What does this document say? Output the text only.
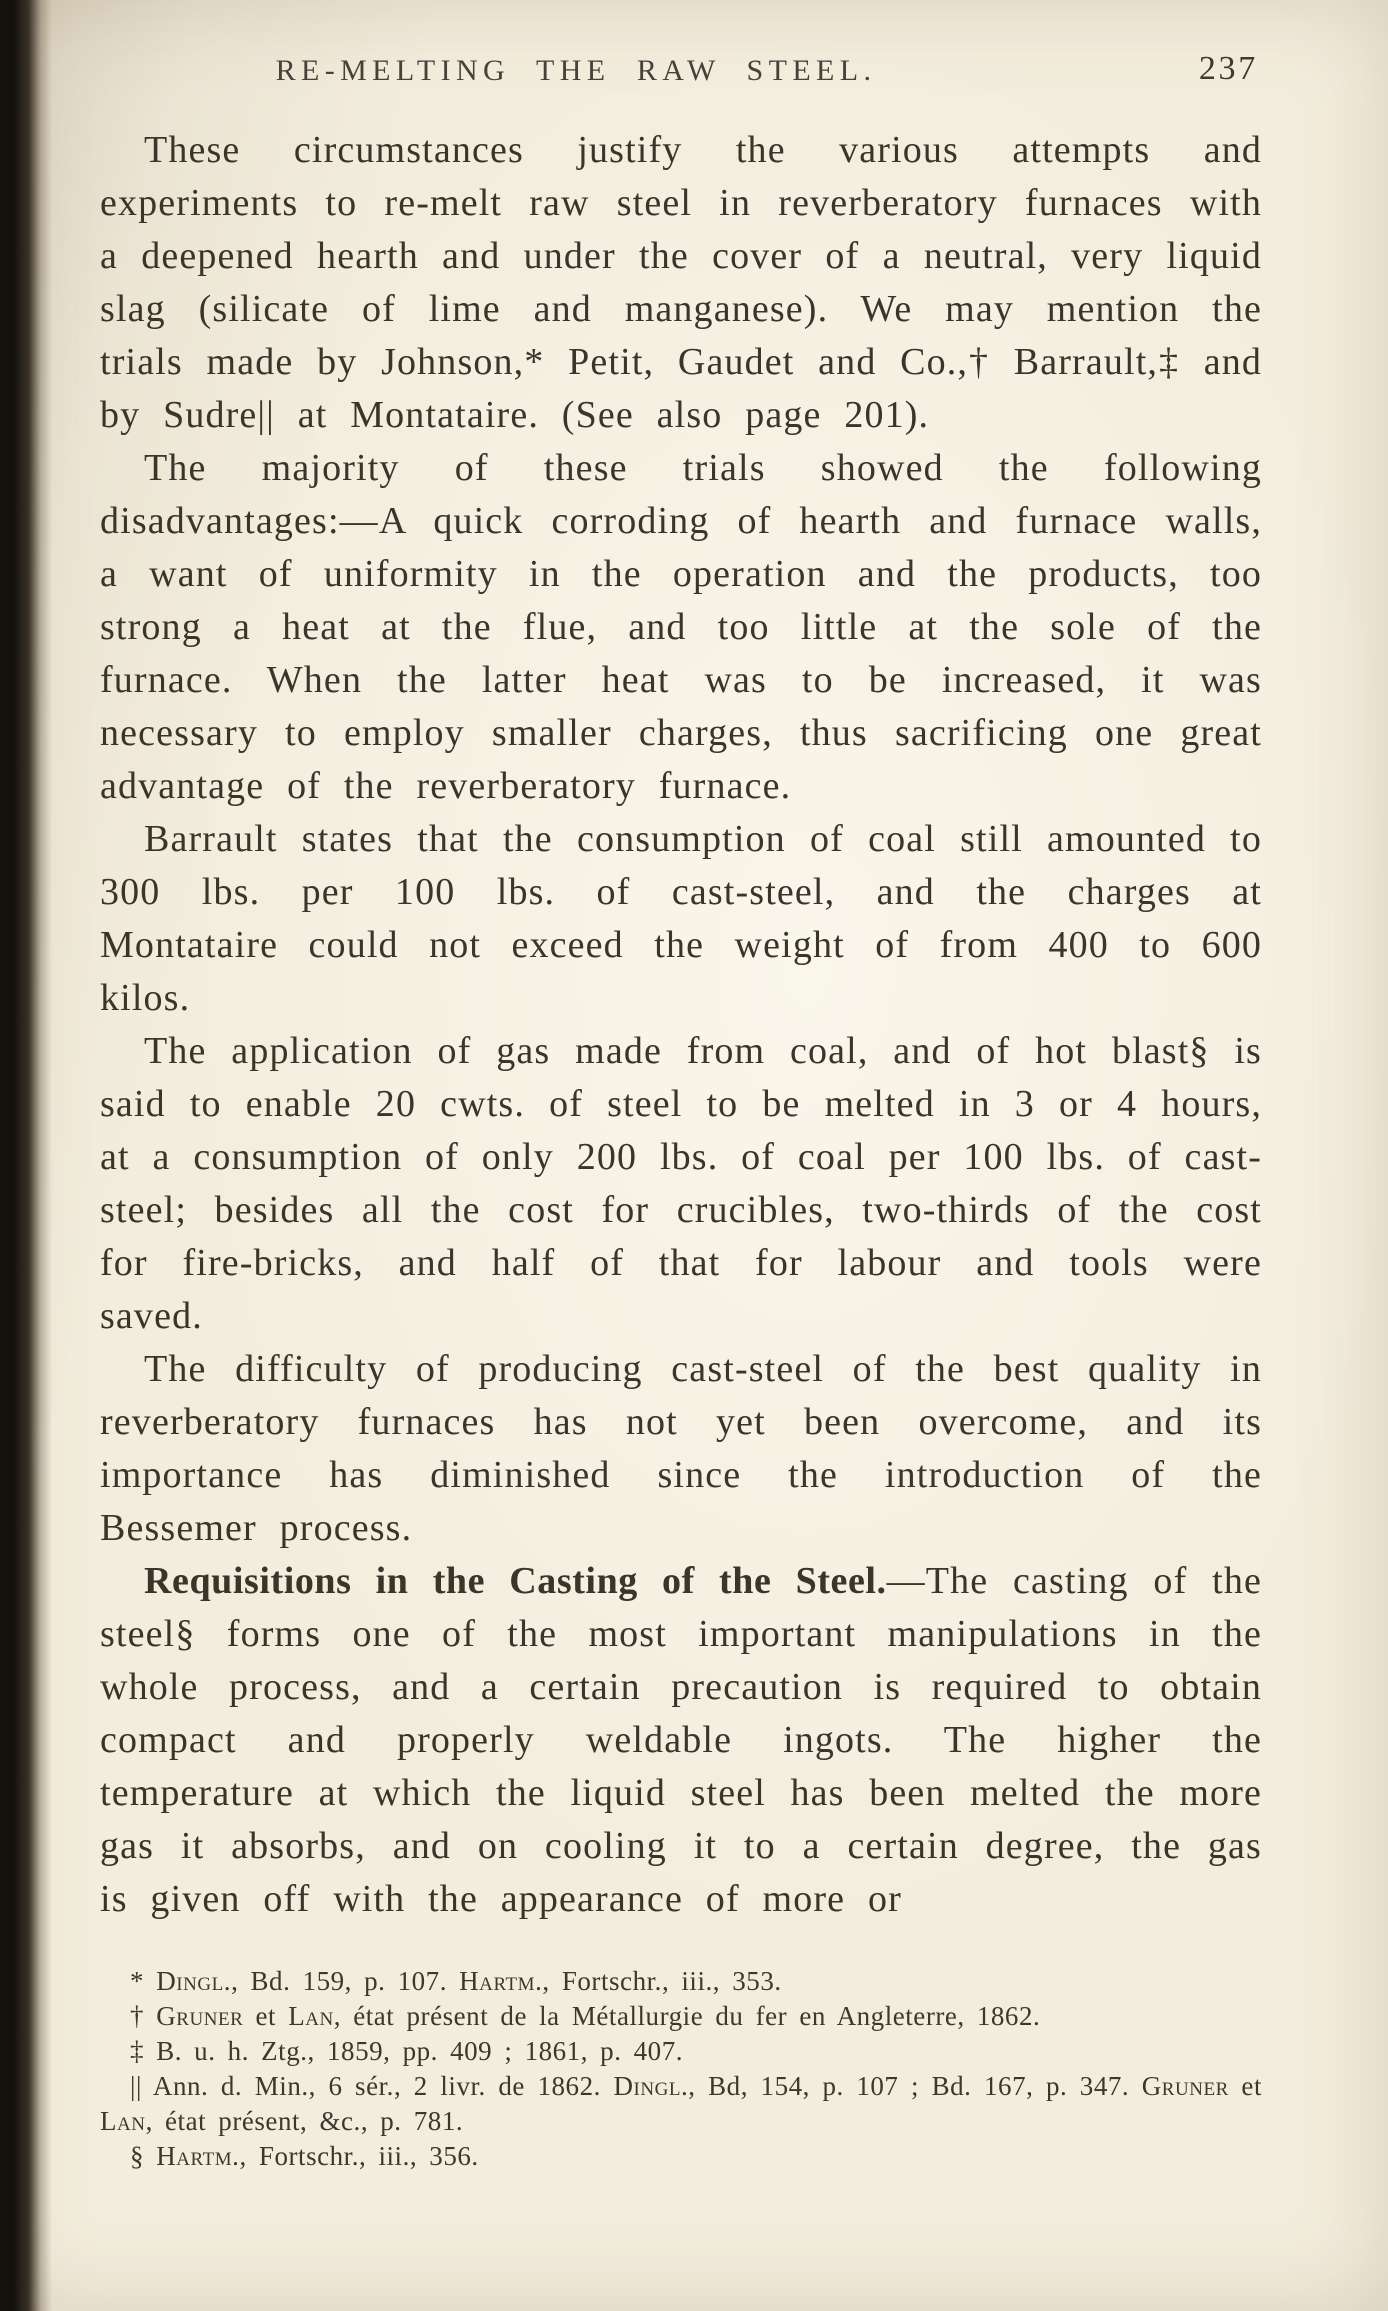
RE-MELTING THE RAW STEEL.	237

These circumstances justify the various attempts and experiments to re-melt raw steel in reverberatory furnaces with a deepened hearth and under the cover of a neutral, very liquid slag (silicate of lime and manganese). We may mention the trials made by Johnson,* Petit, Gaudet and Co.,† Barrault,‡ and by Sudre|| at Montataire. (See also page 201).

The majority of these trials showed the following disadvantages:—A quick corroding of hearth and furnace walls, a want of uniformity in the operation and the products, too strong a heat at the flue, and too little at the sole of the furnace. When the latter heat was to be increased, it was necessary to employ smaller charges, thus sacrificing one great advantage of the reverberatory furnace.

Barrault states that the consumption of coal still amounted to 300 lbs. per 100 lbs. of cast-steel, and the charges at Montataire could not exceed the weight of from 400 to 600 kilos.

The application of gas made from coal, and of hot blast§ is said to enable 20 cwts. of steel to be melted in 3 or 4 hours, at a consumption of only 200 lbs. of coal per 100 lbs. of cast-steel; besides all the cost for crucibles, two-thirds of the cost for fire-bricks, and half of that for labour and tools were saved.

The difficulty of producing cast-steel of the best quality in reverberatory furnaces has not yet been overcome, and its importance has diminished since the introduction of the Bessemer process.

Requisitions in the Casting of the Steel.—The casting of the steel§ forms one of the most important manipulations in the whole process, and a certain precaution is required to obtain compact and properly weldable ingots. The higher the temperature at which the liquid steel has been melted the more gas it absorbs, and on cooling it to a certain degree, the gas is given off with the appearance of more or

* Dingl., Bd. 159, p. 107. Hartm., Fortschr., iii., 353.

† Gruner et Lan, état présent de la Métallurgie du fer en Angleterre, 1862.

‡ B. u. h. Ztg., 1859, pp. 409 ; 1861, p. 407.

|| Ann. d. Min., 6 sér., 2 livr. de 1862. Dingl., Bd, 154, p. 107 ; Bd. 167, p. 347. Gruner et Lan, état présent, &c., p. 781.

§ Hartm., Fortschr., iii., 356.
